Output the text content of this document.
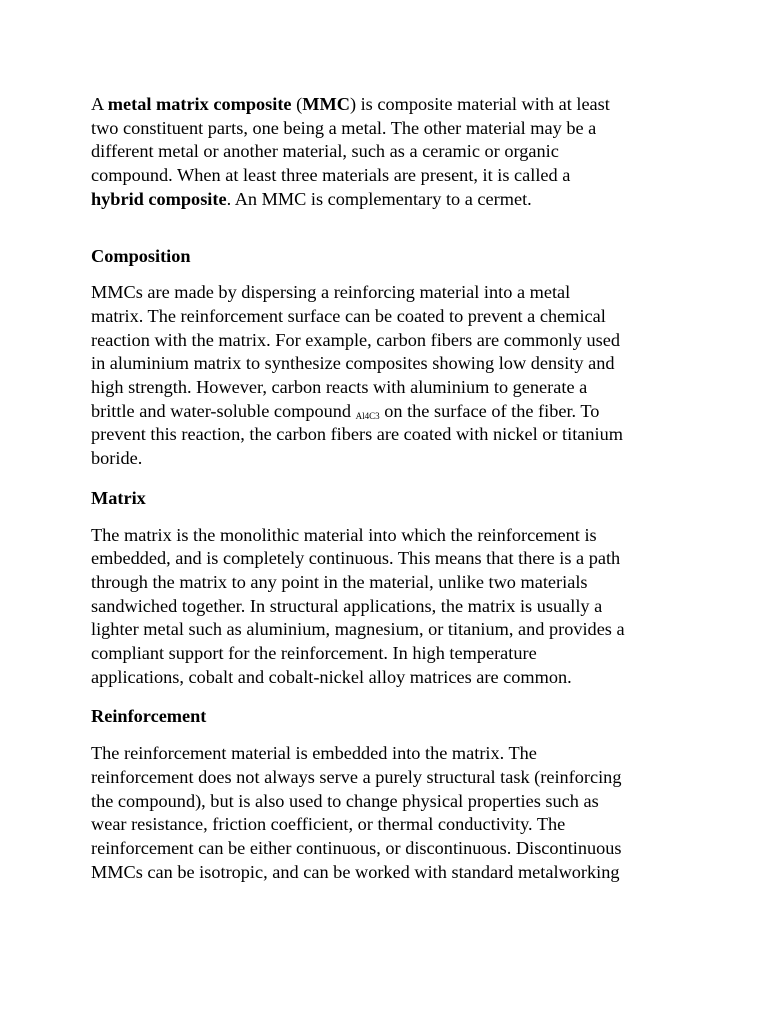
A metal matrix composite (MMC) is composite material with at least
two constituent parts, one being a metal. The other material may be a
different metal or another material, such as a ceramic or organic
compound. When at least three materials are present, it is called a
hybrid composite. An MMC is complementary to a cermet.

Composition

MMCs are made by dispersing a reinforcing material into a metal
matrix. The reinforcement surface can be coated to prevent a chemical
reaction with the matrix. For example, carbon fibers are commonly used
in aluminium matrix to synthesize composites showing low density and
high strength. However, carbon reacts with aluminium to generate a
brittle and water-soluble compound Al4C3 on the surface of the fiber. To
prevent this reaction, the carbon fibers are coated with nickel or titanium
boride.

Matrix

The matrix is the monolithic material into which the reinforcement is
embedded, and is completely continuous. This means that there is a path
through the matrix to any point in the material, unlike two materials
sandwiched together. In structural applications, the matrix is usually a
lighter metal such as aluminium, magnesium, or titanium, and provides a
compliant support for the reinforcement. In high temperature
applications, cobalt and cobalt-nickel alloy matrices are common.

Reinforcement

The reinforcement material is embedded into the matrix. The
reinforcement does not always serve a purely structural task (reinforcing
the compound), but is also used to change physical properties such as
wear resistance, friction coefficient, or thermal conductivity. The
reinforcement can be either continuous, or discontinuous. Discontinuous
MMCs can be isotropic, and can be worked with standard metalworking
